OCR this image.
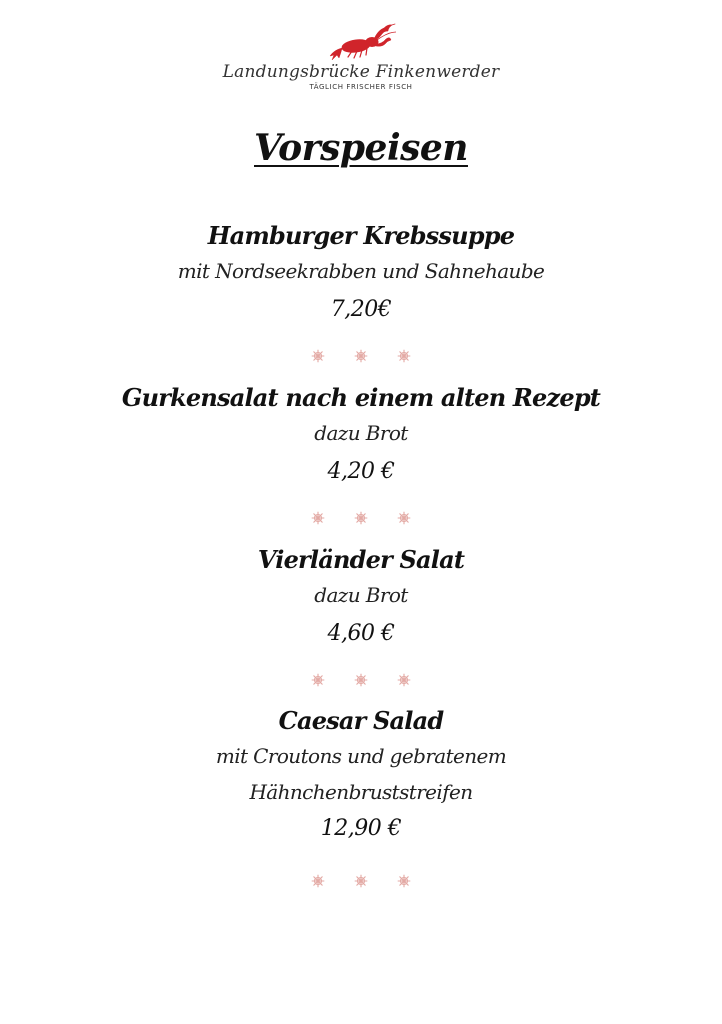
Landungsbrücke Finkenwerder
TÄGLICH FRISCHER FISCH
Vorspeisen
Hamburger Krebssuppe
mit Nordseekrabben und Sahnehaube
7,20€

Gurkensalat nach einem alten Rezept
dazu Brot
4,20 €

Vierländer Salat
dazu Brot
4,60 €

Caesar Salad
mit Croutons und gebratenem
Hähnchenbruststreifen
12,90 €
